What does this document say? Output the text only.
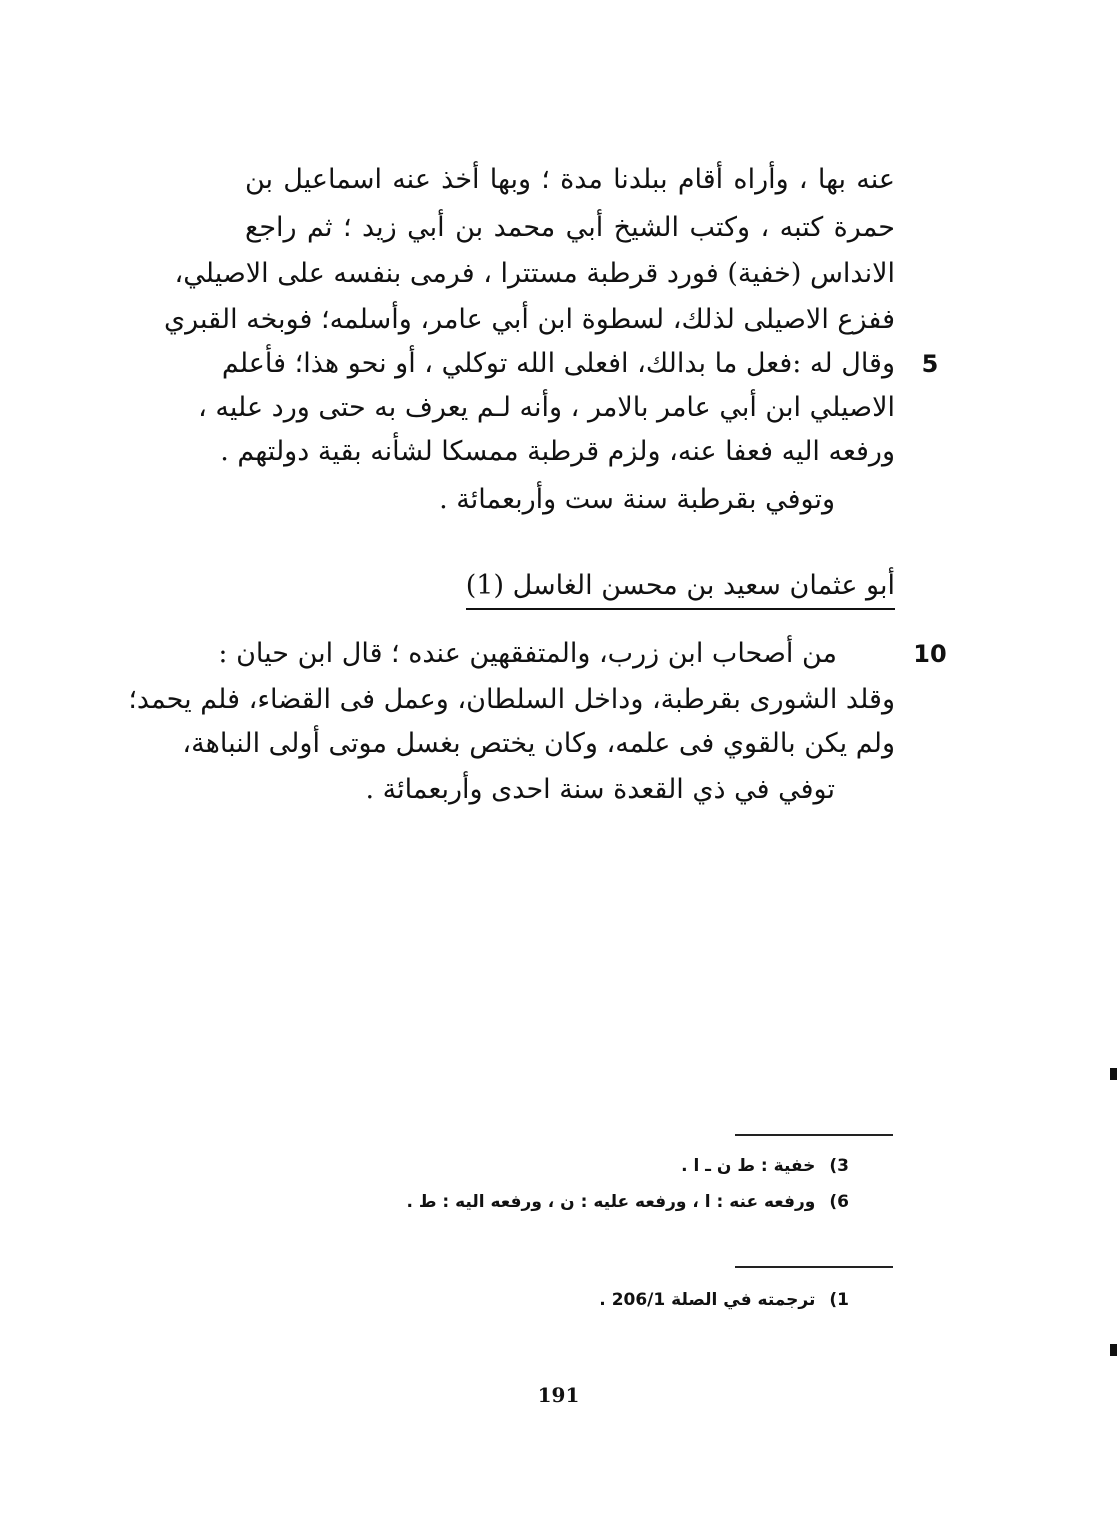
عنه بها ، وأراه أقام ببلدنا مدة ؛ وبها أخذ عنه اسماعيل بن
حمرة كتبه ، وكتب الشيخ أبي محمد بن أبي زيد ؛ ثم راجع
الانداس (خفية) فورد قرطبة مستترا ، فرمى بنفسه على الاصيلي،
ففزع الاصيلى لذلك، لسطوة ابن أبي عامر، وأسلمه؛ فوبخه القبري
وقال له :فعل ما بدالك، افعلى الله توكلي ، أو نحو هذا؛ فأعلم	5
الاصيلي ابن أبي عامر بالامر ، وأنه لـم يعرف به حتى ورد عليه ،
ورفعه اليه فعفا عنه، ولزم قرطبة ممسكا لشأنه بقية دولتهم .
وتوفي بقرطبة سنة ست وأربعمائة .
أبو عثمان سعيد بن محسن الغاسل (1)
من أصحاب ابن زرب، والمتفقهين عنده ؛ قال ابن حيان :	10
وقلد الشورى بقرطبة، وداخل السلطان، وعمل فى القضاء، فلم يحمد؛
ولم يكن بالقوي فى علمه، وكان يختص بغسل موتى أولى النباهة،
توفي في ذي القعدة سنة احدى وأربعمائة .
3)خفية : ط ن ـ ا .
6)ورفعه عنه : ا ، ورفعه عليه : ن ، ورفعه اليه : ط .
1)ترجمته في الصلة 206/1 .
191
